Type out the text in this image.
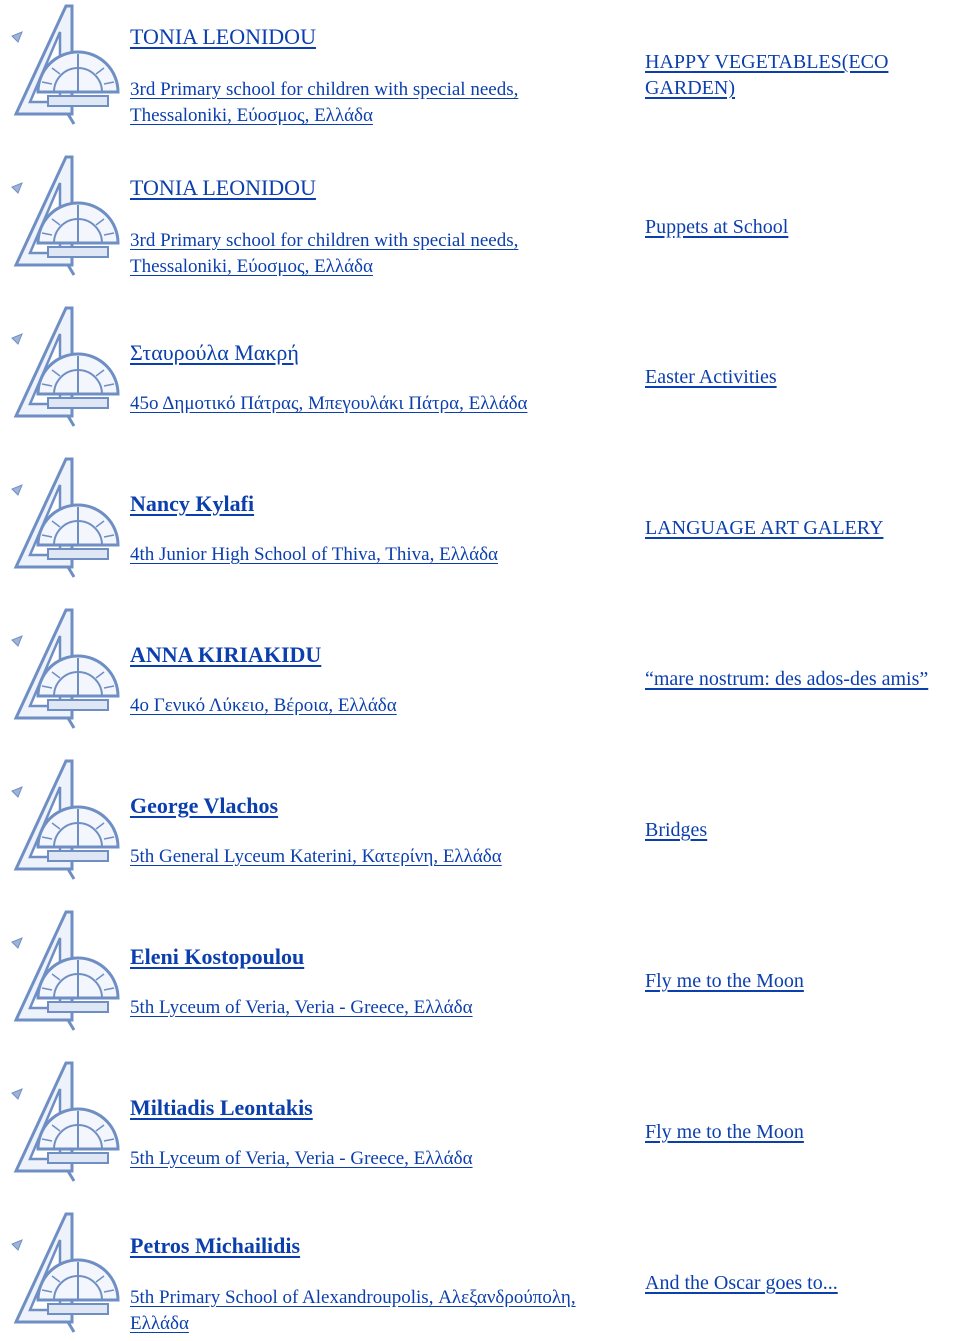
TONIA LEONIDOU
3rd Primary school for children with special needs, Thessaloniki, Εύοσμος, Ελλάδα
HAPPY VEGETABLES(ECO GARDEN)
TONIA LEONIDOU
3rd Primary school for children with special needs, Thessaloniki, Εύοσμος, Ελλάδα
Puppets at School
Σταυρούλα Μακρή
45ο Δημοτικό Πάτρας, Μπεγουλάκι Πάτρα, Ελλάδα
Easter Activities
Nancy Kylafi
4th Junior High School of Thiva, Thiva, Ελλάδα
LANGUAGE ART GALERY
ANNA KIRIAKIDU
4ο Γενικό Λύκειο, Βέροια, Ελλάδα
“mare nostrum: des ados-des amis”
George Vlachos
5th General Lyceum Katerini, Κατερίνη, Ελλάδα
Bridges
Eleni Kostopoulou
5th Lyceum of Veria, Veria - Greece, Ελλάδα
Fly me to the Moon
Miltiadis Leontakis
5th Lyceum of Veria, Veria - Greece, Ελλάδα
Fly me to the Moon
Petros Michailidis
5th Primary School of Alexandroupolis, Αλεξανδρούπολη, Ελλάδα
And the Oscar goes to...
